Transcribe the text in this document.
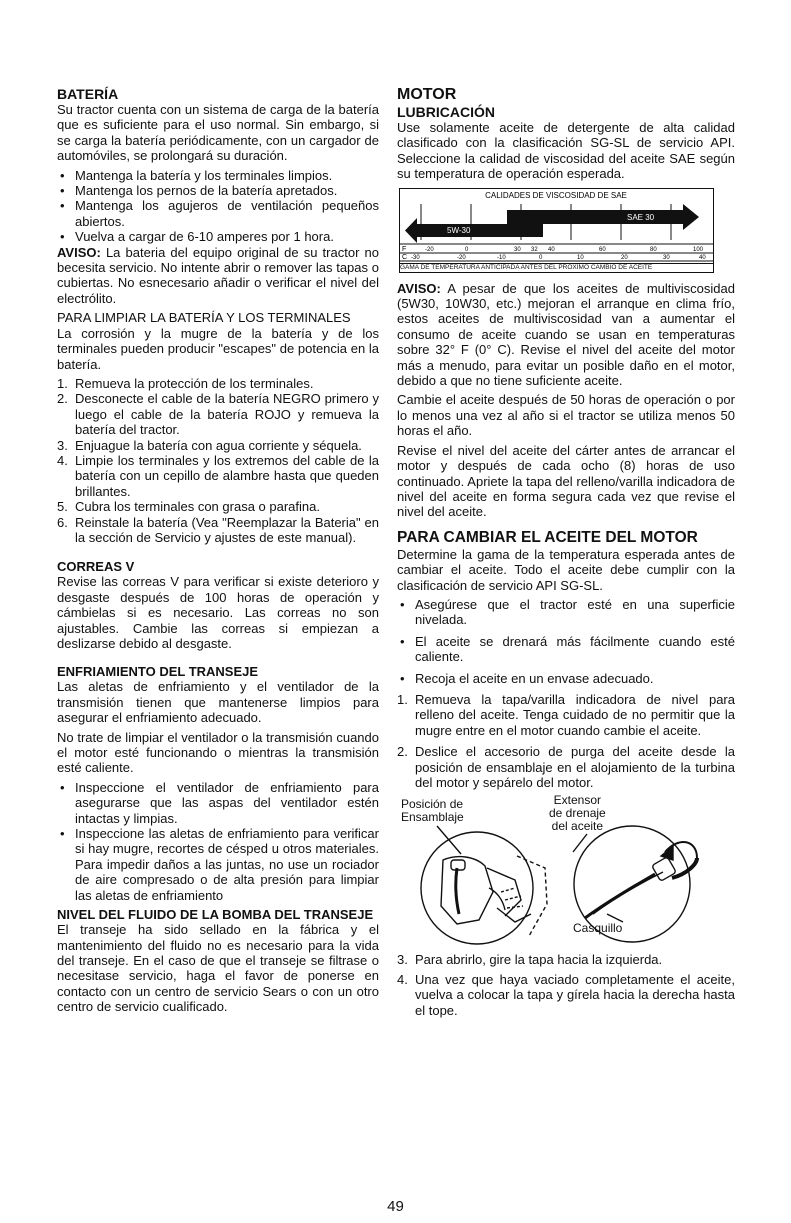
BATERÍA

Su tractor cuenta con un sistema de carga de la batería que es suficiente para el uso normal. Sin embargo, si se carga la batería periódicamente, con un cargador de automóviles, se prolongará su duración.

• Mantenga la batería y los terminales limpios.
• Mantenga los pernos de la batería apretados.
• Mantenga los agujeros de ventilación pequeños abiertos.
• Vuelva a cargar de 6-10 amperes por 1 hora.

AVISO: La bateria del equipo original de su tractor no becesita servicio. No intente abrir o remover las tapas o cubiertas. No esnecesario añadir o verificar el nivel del electrólito.

PARA LIMPIAR LA BATERÍA Y LOS TERMINALES

La corrosión y la mugre de la batería y de los terminales pueden producir "escapes" de potencia en la batería.

1. Remueva la protección de los terminales.
2. Desconecte el cable de la batería NEGRO primero y luego el cable de la batería ROJO y remueva la batería del tractor.
3. Enjuague la batería con agua corriente y séquela.
4. Limpie los terminales y los extremos del cable de la batería con un cepillo de alambre hasta que queden brillantes.
5. Cubra los terminales con grasa o parafina.
6. Reinstale la batería (Vea "Reemplazar la Bateria" en la sección de Servicio y ajustes de este manual).
CORREAS V

Revise las correas V para verificar si existe deterioro y desgaste después de 100 horas de operación y cámbielas si es necesario. Las correas no son ajustables. Cambie las correas si empiezan a deslizarse debido al desgaste.

ENFRIAMIENTO DEL TRANSEJE

Las aletas de enfriamiento y el ventilador de la transmisión tienen que mantenerse limpios para asegurar el enfriamiento adecuado.

No trate de limpiar el ventilador o la transmisión cuando el motor esté funcionando o mientras la transmisión esté caliente.

• Inspeccione el ventilador de enfriamiento para asegurarse que las aspas del ventilador estén intactas y limpias.
• Inspeccione las aletas de enfriamiento para verificar si hay mugre, recortes de césped u otros materiales. Para impedir daños a las juntas, no use un rociador de aire compresado o de alta presión para limpiar las aletas de enfriamiento
NIVEL DEL FLUIDO DE LA BOMBA DEL TRANSEJE

El transeje ha sido sellado en la fábrica y el mantenimiento del fluido no es necesario para la vida del transeje. En el caso de que el transeje se filtrase o necesitase servicio, haga el favor de ponerse en contacto con un centro de servicio Sears o con un otro centro de servicio cualificado.

MOTOR
LUBRICACIÓN

Use solamente aceite de detergente de alta calidad clasificado con la clasificación SG-SL de servicio API. Seleccione la calidad de viscosidad del aceite SAE según su temperatura de operación esperada.

CALIDADES DE VISCOSIDAD DE SAE
SAE 30
5W-30
F	-20	0	30 32 40	60	80	100
C -30	-20	-10	0	10	20	30	40
GAMA DE TEMPERATURA ANTICIPADA ANTES DEL PRÓXIMO CAMBIO DE ACEITE

AVISO: A pesar de que los aceites de multiviscosidad (5W30, 10W30, etc.) mejoran el arranque en clima frío, estos aceites de multiviscosidad van a aumentar el consumo de aceite cuando se usan en temperaturas sobre 32° F (0° C). Revise el nivel del aceite del motor más a menudo, para evitar un posible daño en el motor, debido a que no tiene suficiente aceite.

Cambie el aceite después de 50 horas de operación o por lo menos una vez al año si el tractor se utiliza menos 50 horas el año.

Revise el nivel del aceite del cárter antes de arrancar el motor y después de cada ocho (8) horas de uso continuado. Apriete la tapa del relleno/varilla indicadora de nivel del aceite en forma segura cada vez que revise el nivel del aceite.

PARA CAMBIAR EL ACEITE DEL MOTOR

Determine la gama de la temperatura esperada antes de cambiar el aceite. Todo el aceite debe cumplir con la clasificación de servicio API SG-SL.

• Asegúrese que el tractor esté en una superficie nivelada.
• El aceite se drenará más fácilmente cuando esté caliente.
• Recoja el aceite en un envase adecuado.
1. Remueva la tapa/varilla indicadora de nivel para relleno del aceite. Tenga cuidado de no permitir que la mugre entre en el motor cuando cambie el aceite.
2. Deslice el accesorio de purga del aceite desde la posición de ensamblaje en el alojamiento de la turbina del motor y sepárelo del motor.
Posición de
Ensamblaje
Extensor
de drenaje
del aceite
Casquillo
3. Para abrirlo, gire la tapa hacia la izquierda.
4. Una vez que haya vaciado completamente el aceite, vuelva a colocar la tapa y gírela hacia la derecha hasta el tope.
49
